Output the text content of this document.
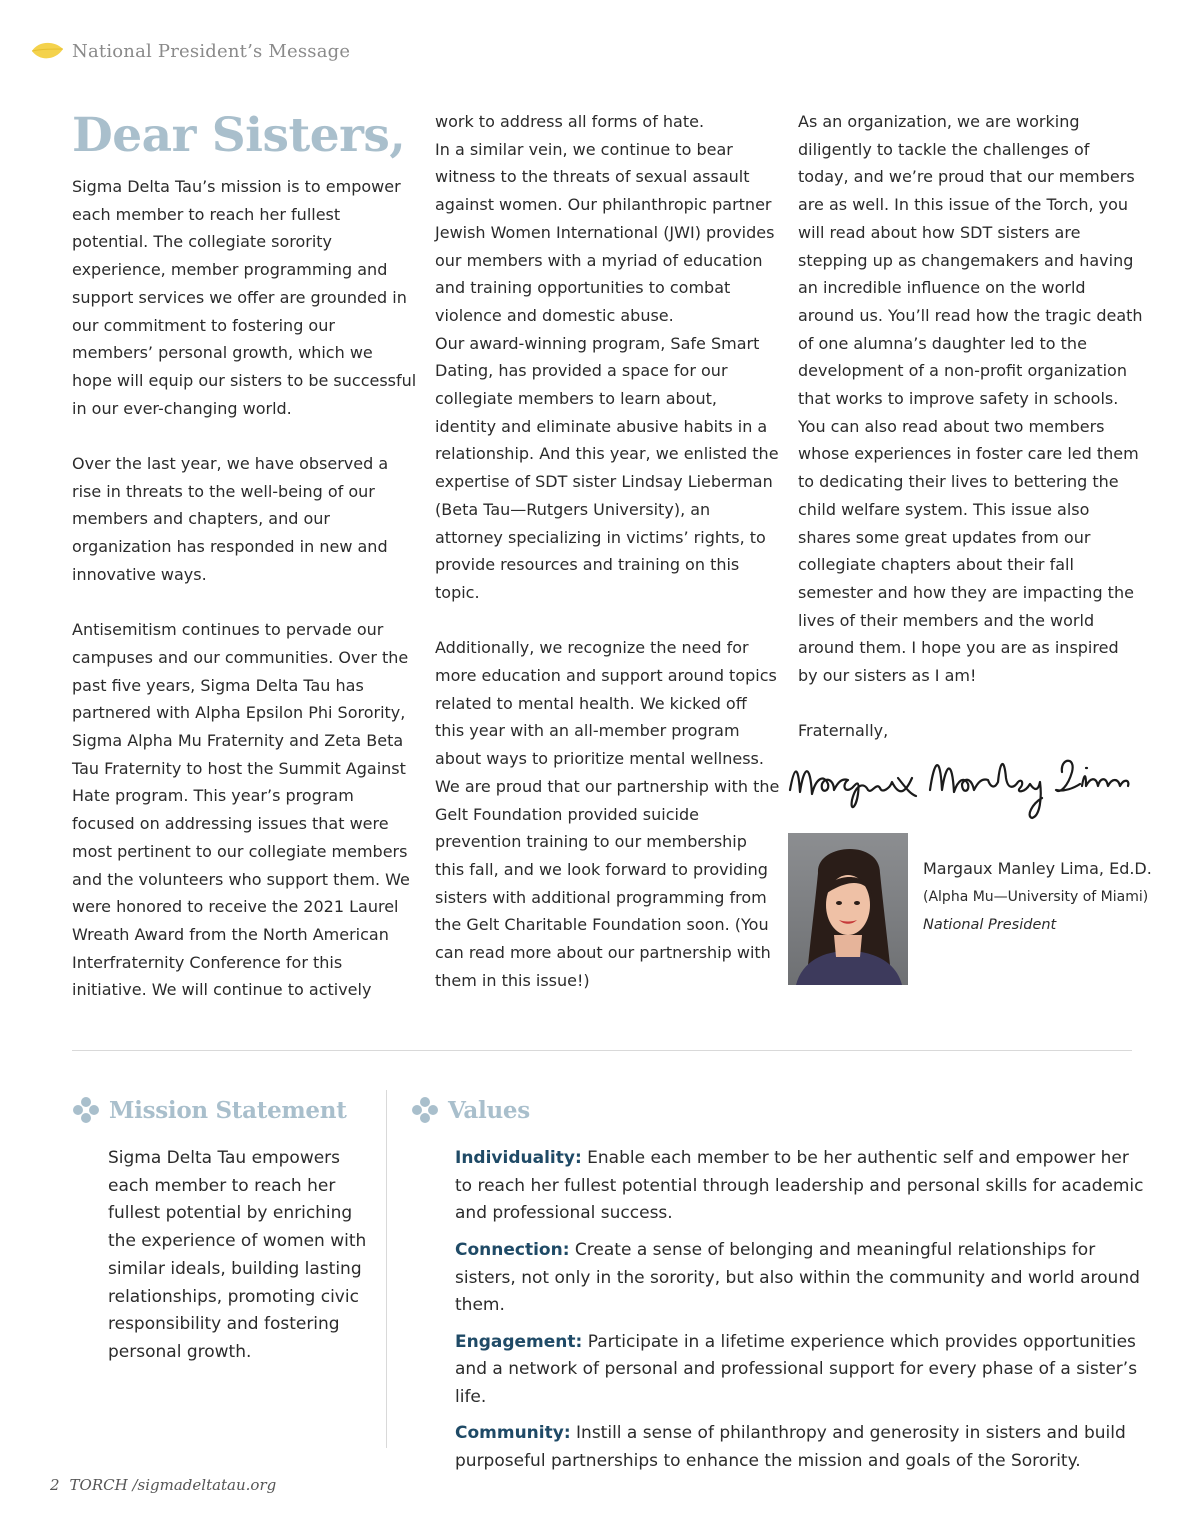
National President’s Message
Dear Sisters,

Sigma Delta Tau’s mission is to empower each member to reach her fullest potential. The collegiate sorority experience, member programming and support services we offer are grounded in our commitment to fostering our members’ personal growth, which we hope will equip our sisters to be successful in our ever-changing world.

Over the last year, we have observed a rise in threats to the well-being of our members and chapters, and our organization has responded in new and innovative ways.

Antisemitism continues to pervade our campuses and our communities. Over the past five years, Sigma Delta Tau has partnered with Alpha Epsilon Phi Sorority, Sigma Alpha Mu Fraternity and Zeta Beta Tau Fraternity to host the Summit Against Hate program. This year’s program focused on addressing issues that were most pertinent to our collegiate members and the volunteers who support them. We were honored to receive the 2021 Laurel Wreath Award from the North American Interfraternity Conference for this initiative. We will continue to actively

work to address all forms of hate.

In a similar vein, we continue to bear witness to the threats of sexual assault against women. Our philanthropic partner Jewish Women International (JWI) provides our members with a myriad of education and training opportunities to combat violence and domestic abuse.

Our award-winning program, Safe Smart Dating, has provided a space for our collegiate members to learn about, identity and eliminate abusive habits in a relationship. And this year, we enlisted the expertise of SDT sister Lindsay Lieberman (Beta Tau—Rutgers University), an attorney specializing in victims’ rights, to provide resources and training on this topic.

Additionally, we recognize the need for more education and support around topics related to mental health. We kicked off this year with an all-member program about ways to prioritize mental wellness. We are proud that our partnership with the Gelt Foundation provided suicide prevention training to our membership this fall, and we look forward to providing sisters with additional programming from the Gelt Charitable Foundation soon. (You can read more about our partnership with them in this issue!)

As an organization, we are working diligently to tackle the challenges of today, and we’re proud that our members are as well. In this issue of the Torch, you will read about how SDT sisters are stepping up as changemakers and having an incredible influence on the world around us. You’ll read how the tragic death of one alumna’s daughter led to the development of a non-profit organization that works to improve safety in schools. You can also read about two members whose experiences in foster care led them to dedicating their lives to bettering the child welfare system. This issue also shares some great updates from our collegiate chapters about their fall semester and how they are impacting the lives of their members and the world around them. I hope you are as inspired by our sisters as I am!

Fraternally,

Margaux Manley Lima, Ed.D.
(Alpha Mu—University of Miami)
National President
Mission Statement
Sigma Delta Tau empowers each member to reach her fullest potential by enriching the experience of women with similar ideals, building lasting relationships, promoting civic responsibility and fostering personal growth.
Values

Individuality: Enable each member to be her authentic self and empower her to reach her fullest potential through leadership and personal skills for academic and professional success.

Connection: Create a sense of belonging and meaningful relationships for sisters, not only in the sorority, but also within the community and world around them.

Engagement: Participate in a lifetime experience which provides opportunities and a network of personal and professional support for every phase of a sister’s life.

Community: Instill a sense of philanthropy and generosity in sisters and build purposeful partnerships to enhance the mission and goals of the Sorority.

2 TORCH /sigmadeltatau.org
